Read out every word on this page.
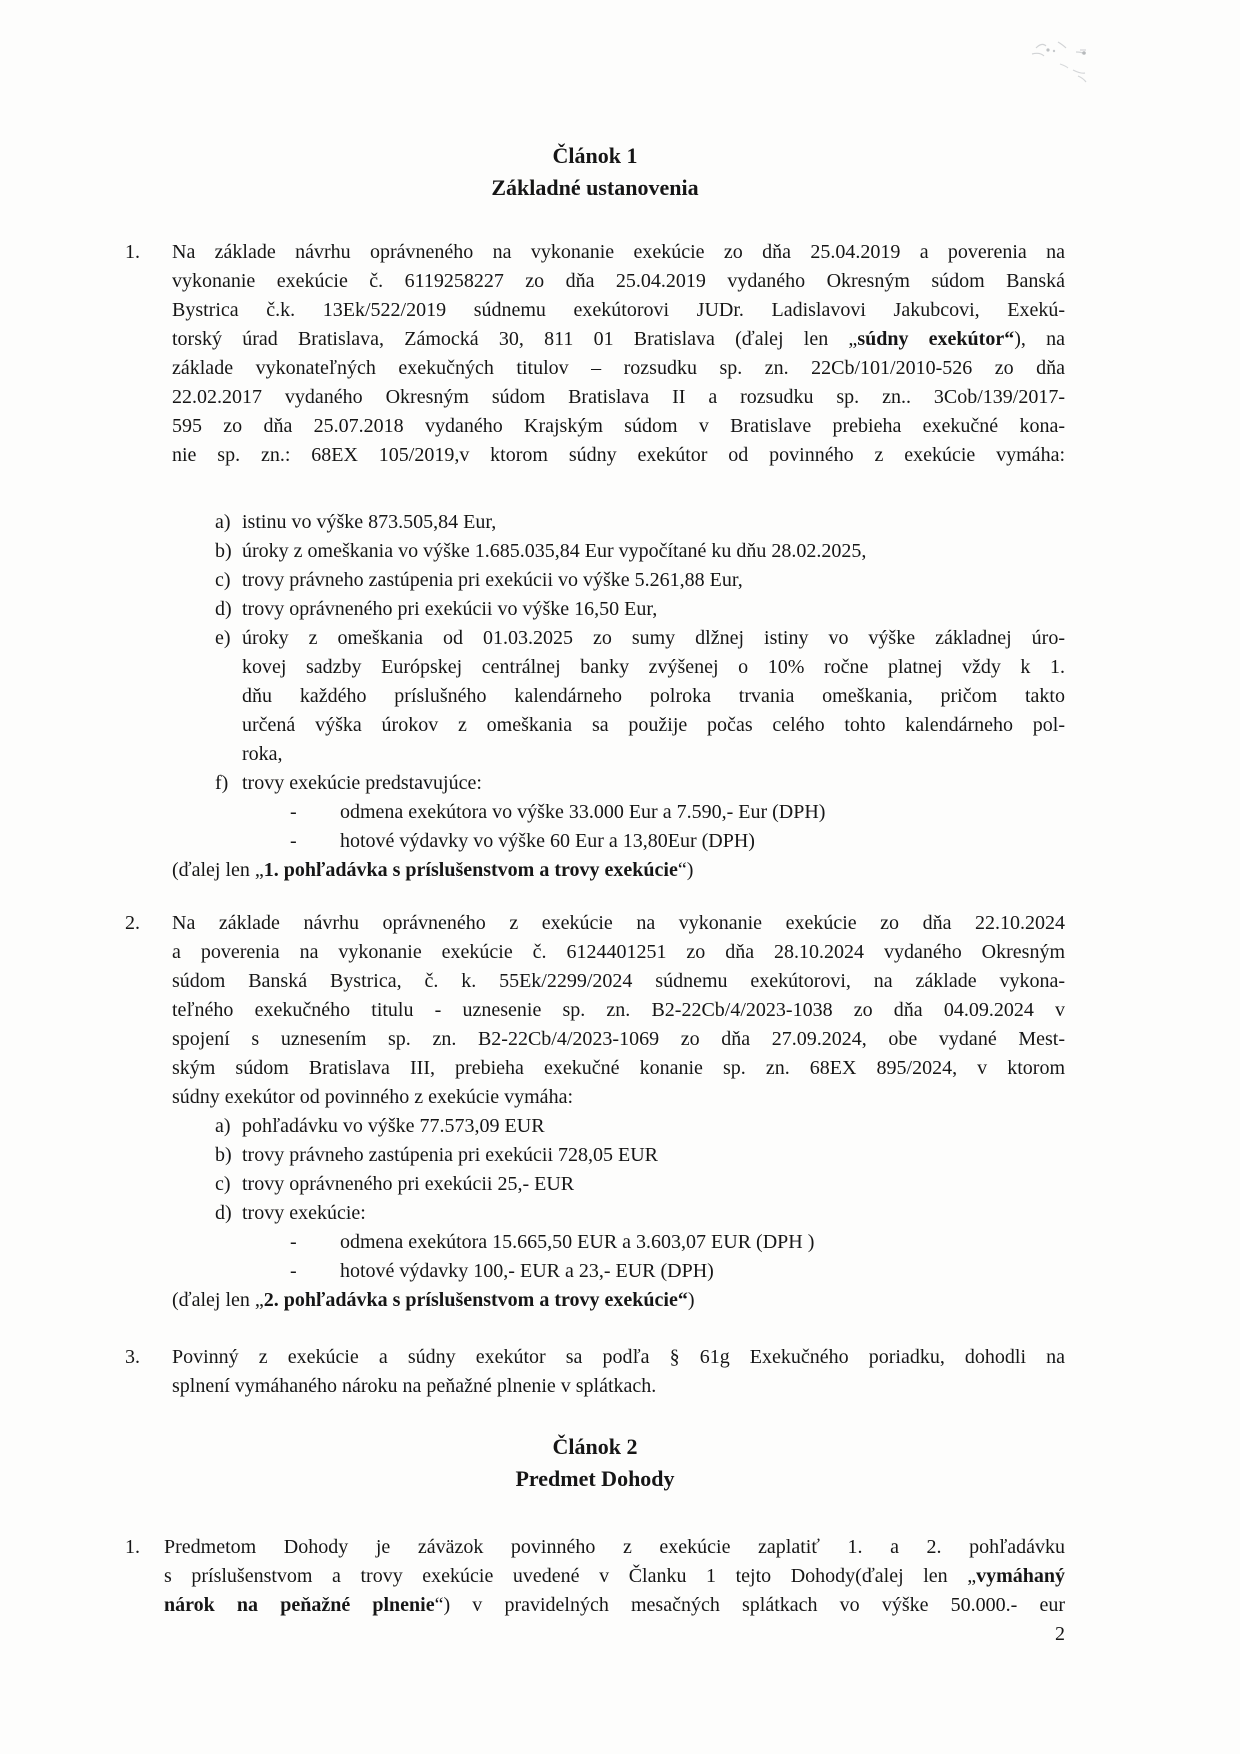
Článok 1
Základné ustanovenia
1.	Na základe návrhu oprávneného na vykonanie exekúcie zo dňa 25.04.2019 a poverenia na
vykonanie exekúcie č. 6119258227 zo dňa 25.04.2019 vydaného Okresným súdom Banská
Bystrica č.k. 13Ek/522/2019 súdnemu exekútorovi JUDr. Ladislavovi Jakubcovi, Exekú-
torský úrad Bratislava, Zámocká 30, 811 01 Bratislava (ďalej len „súdny exekútor“), na
základe vykonateľných exekučných titulov – rozsudku sp. zn. 22Cb/101/2010-526 zo dňa
22.02.2017 vydaného Okresným súdom Bratislava II a rozsudku sp. zn.. 3Cob/139/2017-
595 zo dňa 25.07.2018 vydaného Krajským súdom v Bratislave prebieha exekučné kona-
nie sp. zn.: 68EX 105/2019,v ktorom súdny exekútor od povinného z exekúcie vymáha:
a) istinu vo výške 873.505,84 Eur,
b) úroky z omeškania vo výške 1.685.035,84 Eur vypočítané ku dňu 28.02.2025,
c) trovy právneho zastúpenia pri exekúcii vo výške 5.261,88 Eur,
d) trovy oprávneného pri exekúcii vo výške 16,50 Eur,
e) úroky z omeškania od 01.03.2025 zo sumy dlžnej istiny vo výške základnej úro-
kovej sadzby Európskej centrálnej banky zvýšenej o 10% ročne platnej vždy k 1.
dňu každého príslušného kalendárneho polroka trvania omeškania, pričom takto
určená výška úrokov z omeškania sa použije počas celého tohto kalendárneho pol-
roka,
f) trovy exekúcie predstavujúce:
-	odmena exekútora vo výške 33.000 Eur a 7.590,- Eur (DPH)
-	hotové výdavky vo výške 60 Eur a 13,80Eur (DPH)
(ďalej len „1. pohľadávka s príslušenstvom a trovy exekúcie“)
2.	Na základe návrhu oprávneného z exekúcie na vykonanie exekúcie zo dňa 22.10.2024
a poverenia na vykonanie exekúcie č. 6124401251 zo dňa 28.10.2024 vydaného Okresným
súdom Banská Bystrica, č. k. 55Ek/2299/2024 súdnemu exekútorovi, na základe vykona-
teľného exekučného titulu - uznesenie sp. zn. B2-22Cb/4/2023-1038 zo dňa 04.09.2024 v
spojení s uznesením sp. zn. B2-22Cb/4/2023-1069 zo dňa 27.09.2024, obe vydané Mest-
ským súdom Bratislava III, prebieha exekučné konanie sp. zn. 68EX 895/2024, v ktorom
súdny exekútor od povinného z exekúcie vymáha:
a) pohľadávku vo výške 77.573,09 EUR
b) trovy právneho zastúpenia pri exekúcii 728,05 EUR
c) trovy oprávneného pri exekúcii 25,- EUR
d) trovy exekúcie:
-	odmena exekútora 15.665,50 EUR a 3.603,07 EUR (DPH )
-	hotové výdavky 100,- EUR a 23,- EUR (DPH)
(ďalej len „2. pohľadávka s príslušenstvom a trovy exekúcie“)
3.	Povinný z exekúcie a súdny exekútor sa podľa § 61g Exekučného poriadku, dohodli na
splnení vymáhaného nároku na peňažné plnenie v splátkach.
Článok 2
Predmet Dohody
1.	Predmetom Dohody je záväzok povinného z exekúcie zaplatiť 1. a 2. pohľadávku
s príslušenstvom a trovy exekúcie uvedené v Članku 1 tejto Dohody(ďalej len „vymáhaný
nárok na peňažné plnenie“) v pravidelných mesačných splátkach vo výške 50.000.- eur
2
